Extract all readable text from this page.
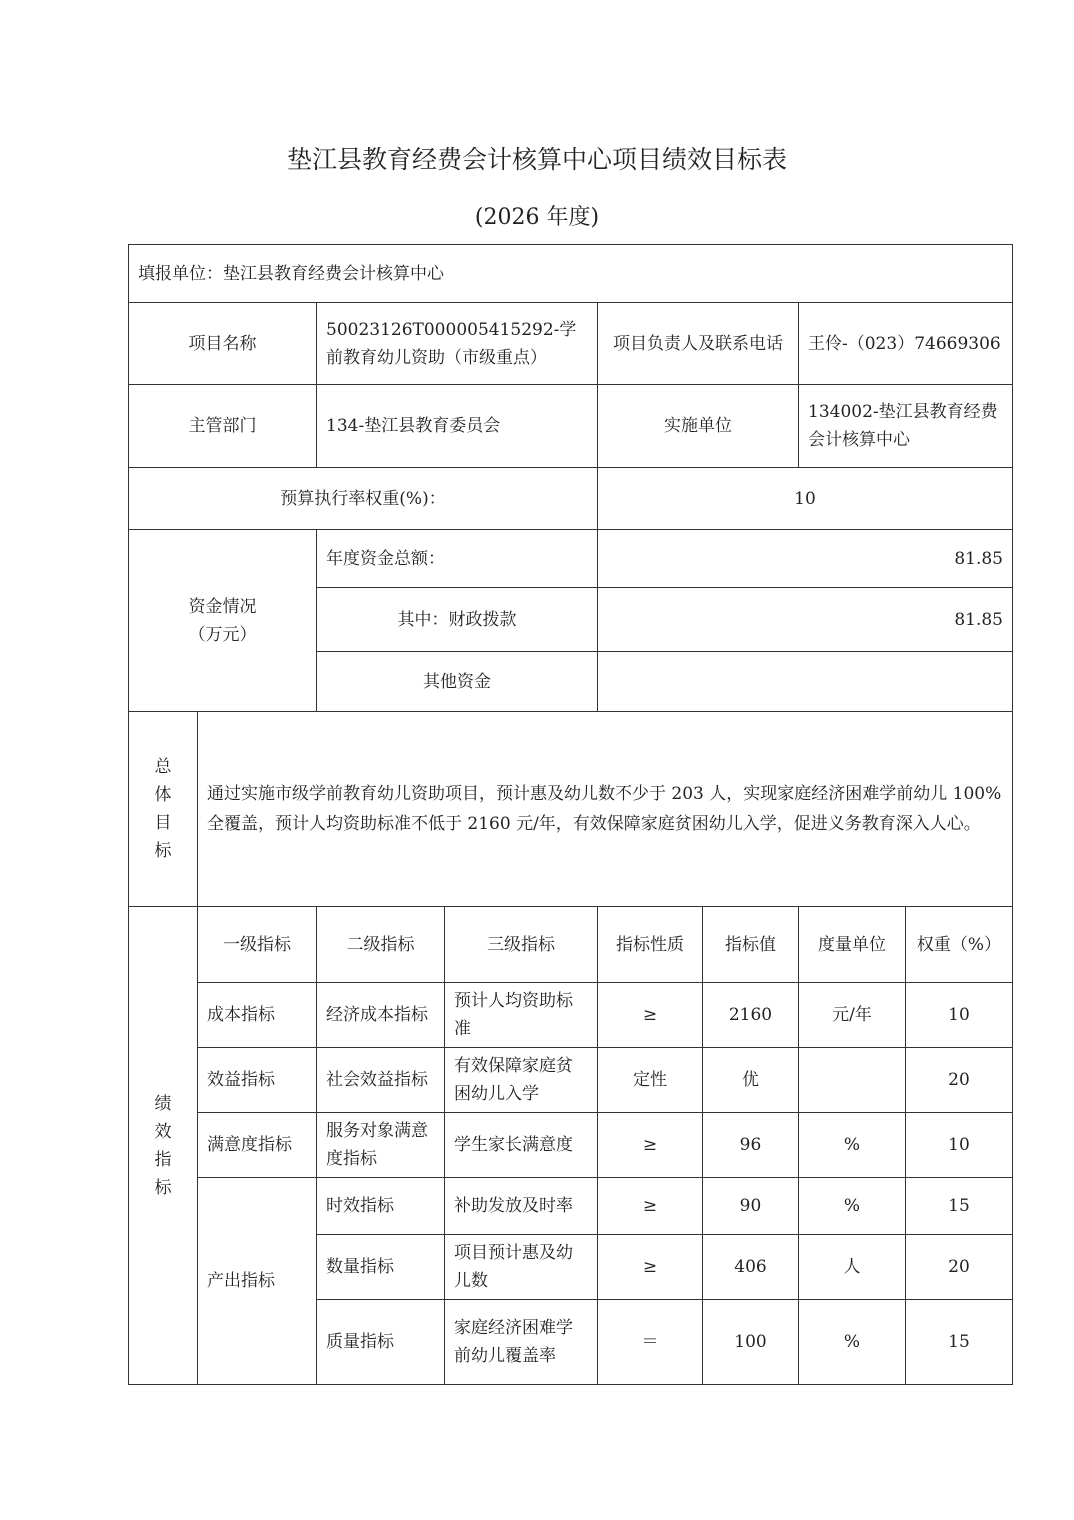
垫江县教育经费会计核算中心项目绩效目标表
(2026 年度)
填报单位：垫江县教育经费会计核算中心							
项目名称		50023126T000005415292-学前教育幼儿资助（市级重点）		项目负责人及联系电话		王伶-（023）74669306	
主管部门		134-垫江县教育委员会		实施单位		134002-垫江县教育经费会计核算中心	
预算执行率权重(%)：				10			

资金情况
（万元）		年度资金总额：		81.85			
		其中：财政拨款		81.85			
		其他资金					

总
体
目
标	通过实施市级学前教育幼儿资助项目，预计惠及幼儿数不少于 203 人，实现家庭经济困难学前幼儿 100%全覆盖，预计人均资助标准不低于 2160 元/年，有效保障家庭贫困幼儿入学，促进义务教育深入人心。						

绩
效
指
标	一级指标	二级指标	三级指标	指标性质	指标值	度量单位	权重（%）
	成本指标	经济成本指标	预计人均资助标准	≥	2160	元/年	10
	效益指标	社会效益指标	有效保障家庭贫困幼儿入学	定性	优		20
	满意度指标	服务对象满意度指标	学生家长满意度	≥	96	%	10
	产出指标	时效指标	补助发放及时率	≥	90	%	15
		数量指标	项目预计惠及幼儿数	≥	406	人	20
		质量指标	家庭经济困难学前幼儿覆盖率	＝	100	%	15
